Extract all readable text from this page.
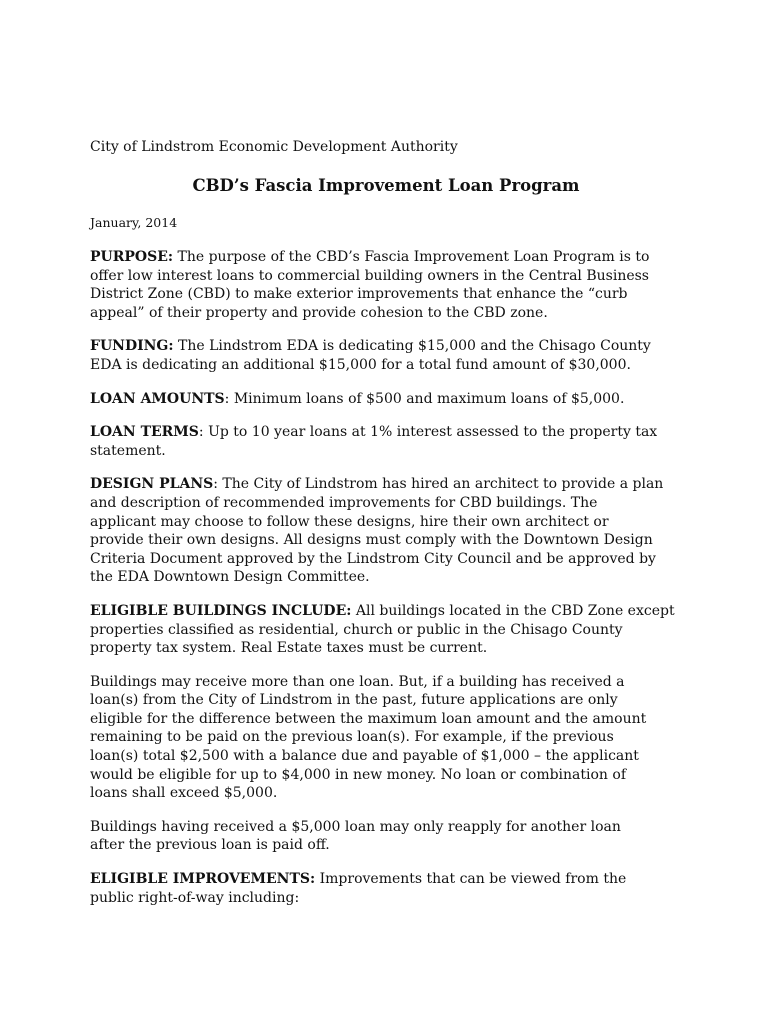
City of Lindstrom Economic Development Authority
CBD’s Fascia Improvement Loan Program
January, 2014
PURPOSE: The purpose of the CBD’s Fascia Improvement Loan Program is to
offer low interest loans to commercial building owners in the Central Business
District Zone (CBD) to make exterior improvements that enhance the “curb
appeal” of their property and provide cohesion to the CBD zone.
FUNDING: The Lindstrom EDA is dedicating $15,000 and the Chisago County
EDA is dedicating an additional $15,000 for a total fund amount of $30,000.
LOAN AMOUNTS: Minimum loans of $500 and maximum loans of $5,000.
LOAN TERMS: Up to 10 year loans at 1% interest assessed to the property tax
statement.
DESIGN PLANS: The City of Lindstrom has hired an architect to provide a plan
and description of recommended improvements for CBD buildings. The
applicant may choose to follow these designs, hire their own architect or
provide their own designs. All designs must comply with the Downtown Design
Criteria Document approved by the Lindstrom City Council and be approved by
the EDA Downtown Design Committee.
ELIGIBLE BUILDINGS INCLUDE: All buildings located in the CBD Zone except
properties classified as residential, church or public in the Chisago County
property tax system. Real Estate taxes must be current.
Buildings may receive more than one loan. But, if a building has received a
loan(s) from the City of Lindstrom in the past, future applications are only
eligible for the difference between the maximum loan amount and the amount
remaining to be paid on the previous loan(s). For example, if the previous
loan(s) total $2,500 with a balance due and payable of $1,000 – the applicant
would be eligible for up to $4,000 in new money. No loan or combination of
loans shall exceed $5,000.
Buildings having received a $5,000 loan may only reapply for another loan
after the previous loan is paid off.
ELIGIBLE IMPROVEMENTS: Improvements that can be viewed from the
public right-of-way including:
